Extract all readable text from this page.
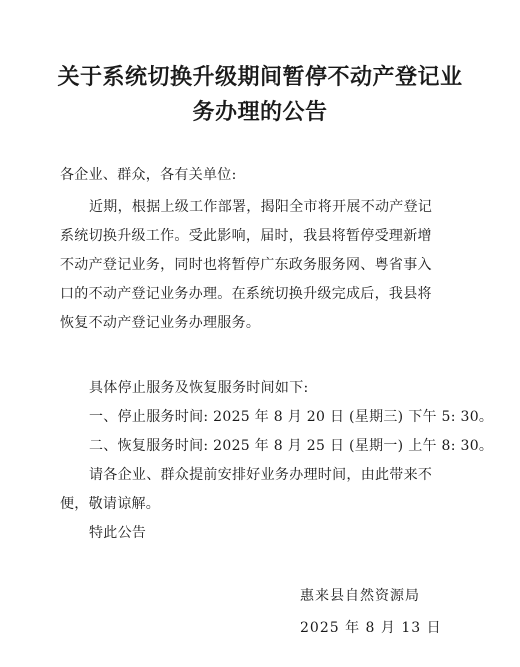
关于系统切换升级期间暂停不动产登记业
务办理的公告
各企业、群众，各有关单位:
近期，根据上级工作部署，揭阳全市将开展不动产登记
系统切换升级工作。受此影响，届时，我县将暂停受理新增
不动产登记业务，同时也将暂停广东政务服务网、粤省事入
口的不动产登记业务办理。在系统切换升级完成后，我县将
恢复不动产登记业务办理服务。
具体停止服务及恢复服务时间如下:
一、停止服务时间: 2025 年 8 月 20 日 (星期三) 下午 5: 30。
二、恢复服务时间: 2025 年 8 月 25 日 (星期一) 上午 8: 30。
请各企业、群众提前安排好业务办理时间，由此带来不
便，敬请谅解。
特此公告
惠来县自然资源局
2025 年 8 月 13 日
